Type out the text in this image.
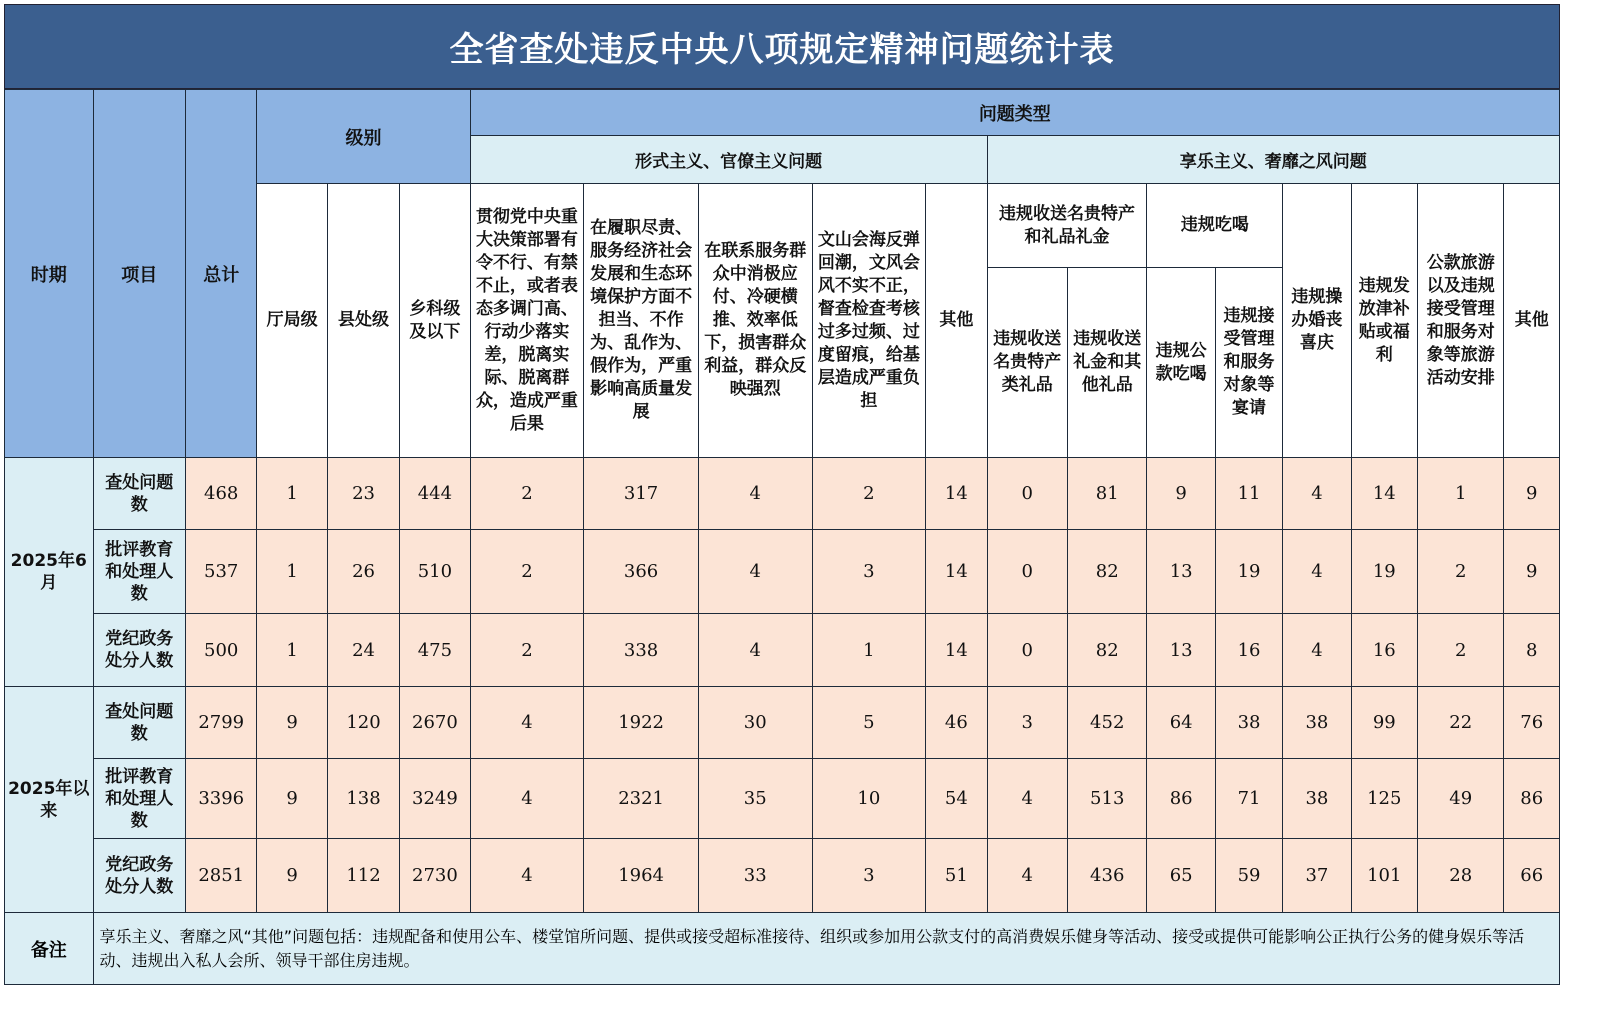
全省查处违反中央八项规定精神问题统计表
时期	项目	总计	级别			问题类型												
						形式主义、官僚主义问题					享乐主义、奢靡之风问题							
			厅局级	县处级	乡科级及以下	贯彻党中央重大决策部署有令不行、有禁不止，或者表态多调门高、行动少落实差，脱离实际、脱离群众，造成严重后果	在履职尽责、服务经济社会发展和生态环境保护方面不担当、不作为、乱作为、假作为，严重影响高质量发展	在联系服务群众中消极应付、冷硬横推、效率低下，损害群众利益，群众反映强烈	文山会海反弹回潮，文风会风不实不正，督查检查考核过多过频、过度留痕，给基层造成严重负担	其他	违规收送名贵特产和礼品礼金		违规吃喝		违规操办婚丧喜庆	违规发放津补贴或福利	公款旅游以及违规接受管理和服务对象等旅游活动安排	其他
											违规收送名贵特产类礼品	违规收送礼金和其他礼品	违规公款吃喝	违规接受管理和服务对象等宴请				

2025年6月	查处问题数	468	1	23	444	2	317	4	2	14	0	81	9	11	4	14	1	9
	批评教育和处理人数	537	1	26	510	2	366	4	3	14	0	82	13	19	4	19	2	9
	党纪政务处分人数	500	1	24	475	2	338	4	1	14	0	82	13	16	4	16	2	8
2025年以来	查处问题数	2799	9	120	2670	4	1922	30	5	46	3	452	64	38	38	99	22	76
	批评教育和处理人数	3396	9	138	3249	4	2321	35	10	54	4	513	86	71	38	125	49	86
	党纪政务处分人数	2851	9	112	2730	4	1964	33	3	51	4	436	65	59	37	101	28	66
备注	享乐主义、奢靡之风“其他”问题包括：违规配备和使用公车、楼堂馆所问题、提供或接受超标准接待、组织或参加用公款支付的高消费娱乐健身等活动、接受或提供可能影响公正执行公务的健身娱乐等活动、违规出入私人会所、领导干部住房违规。																	
